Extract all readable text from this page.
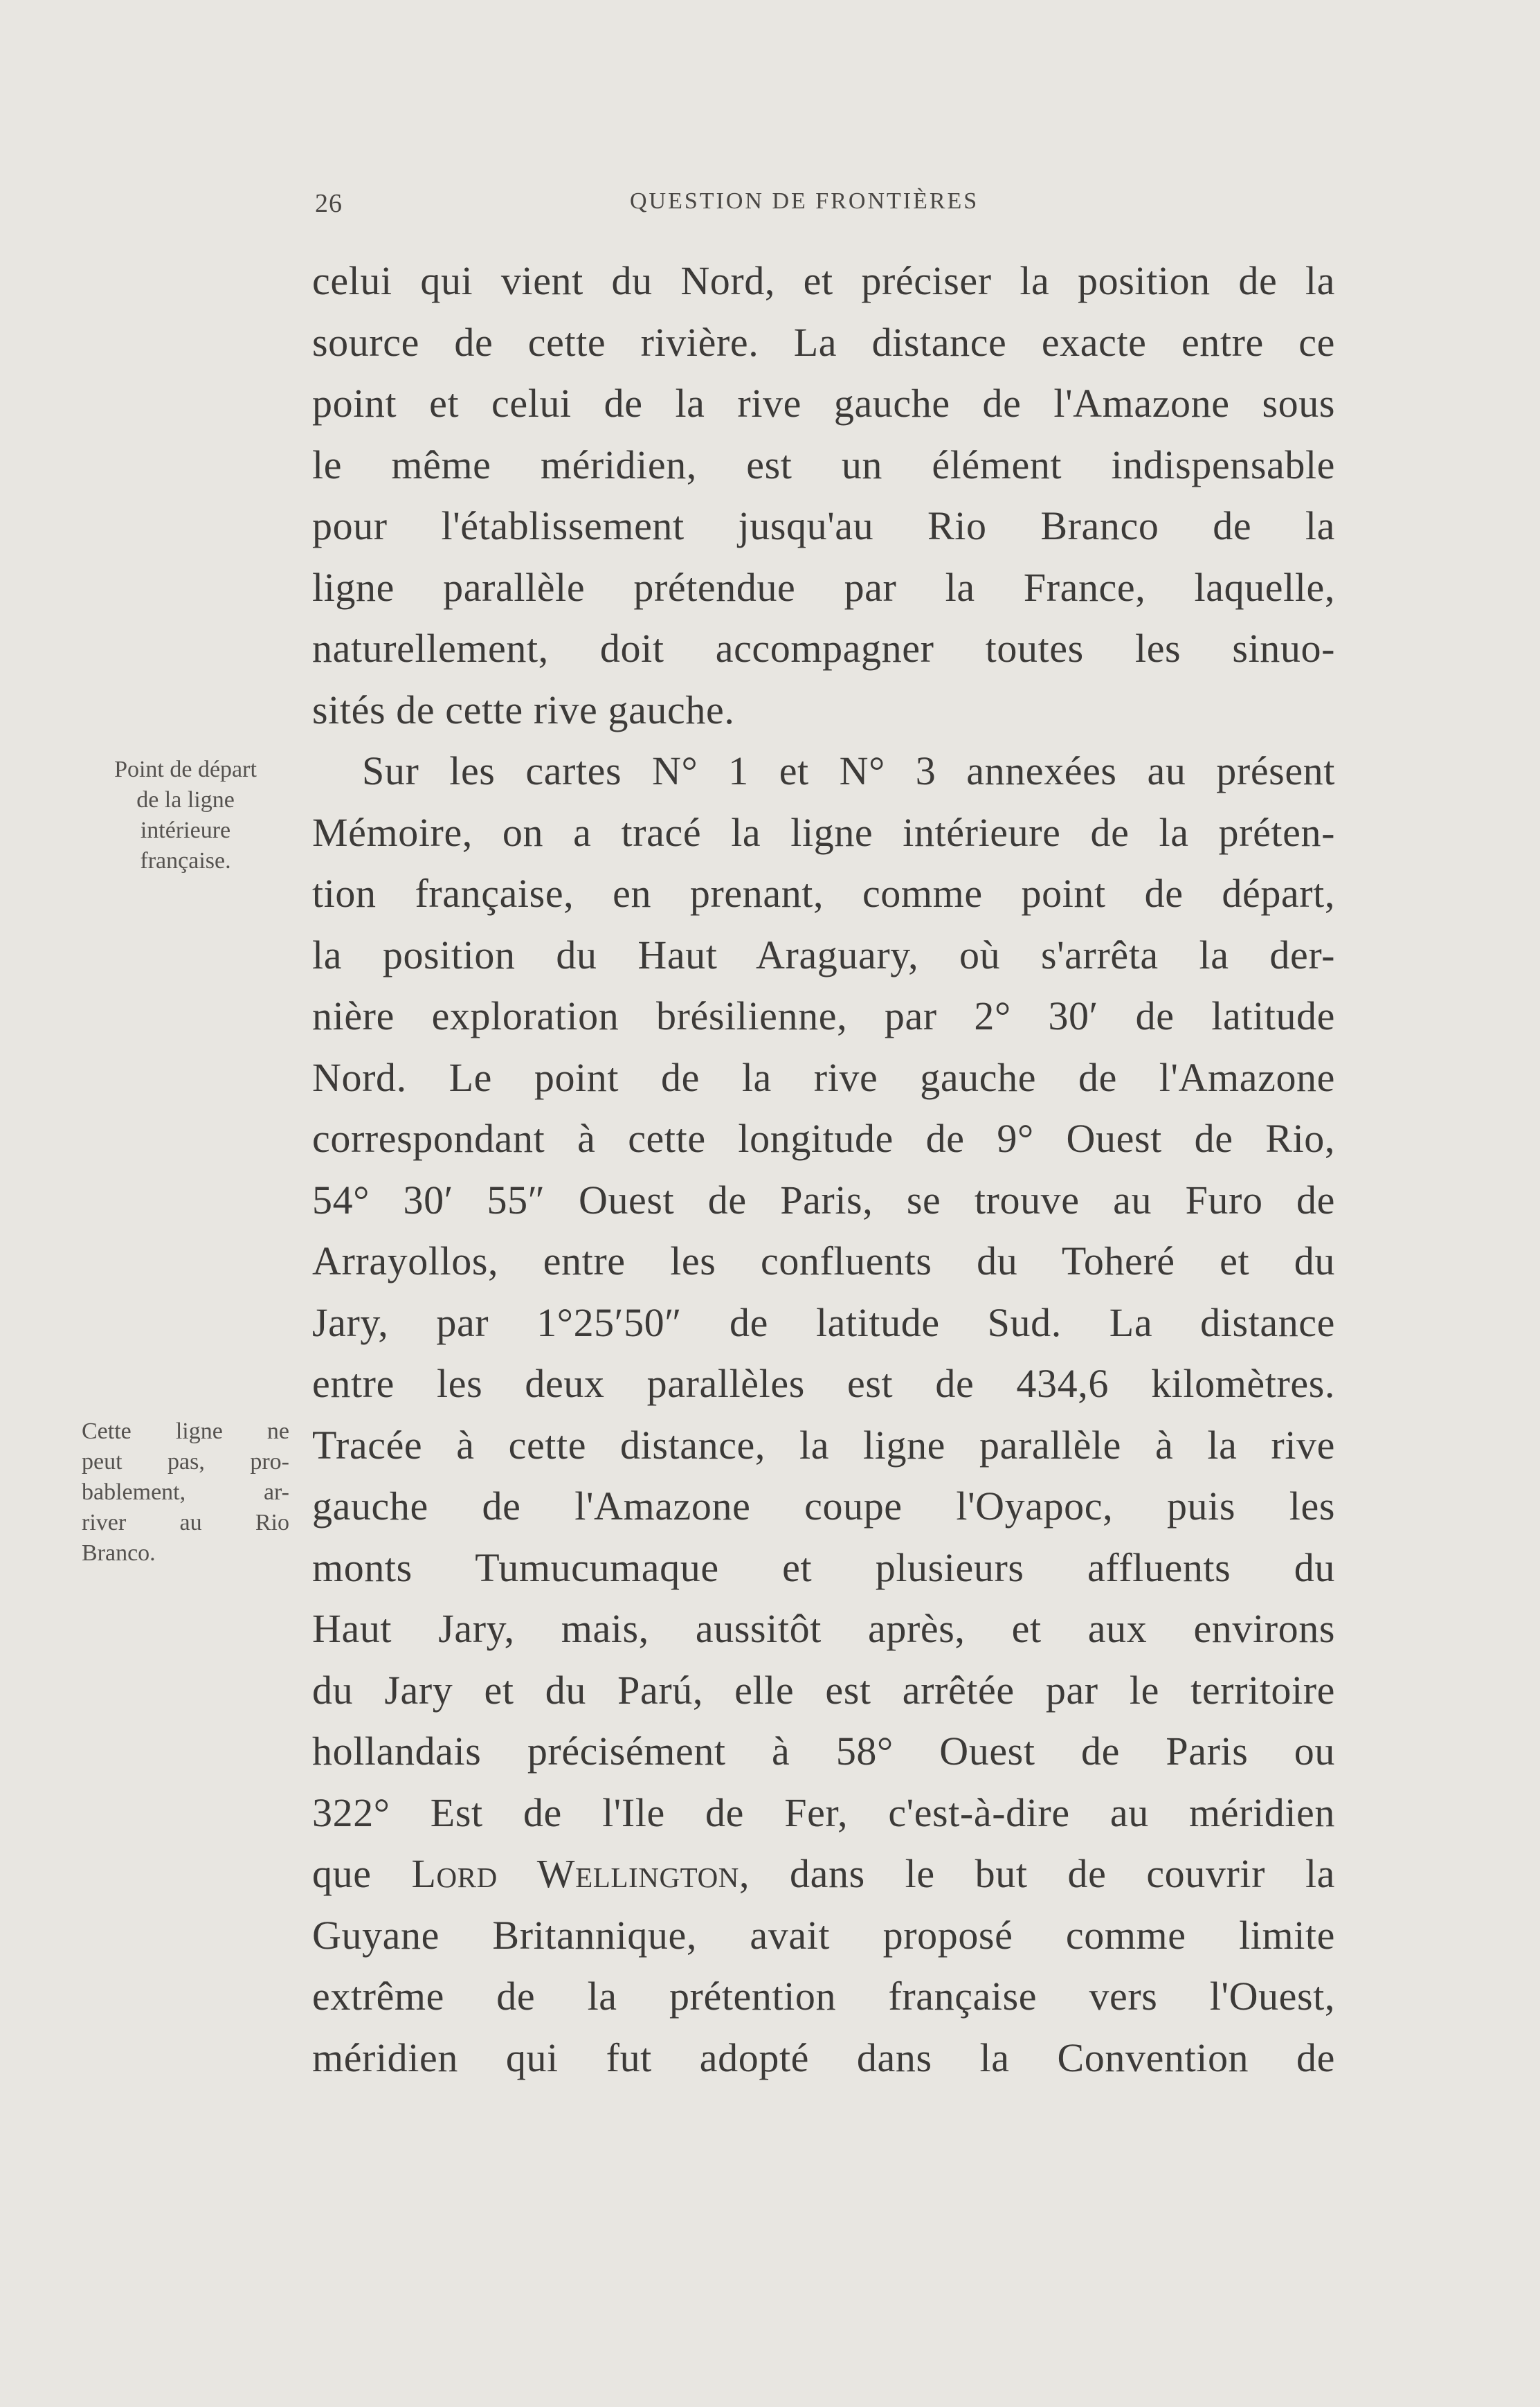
26	QUESTION DE FRONTIÈRES
Point de départ
de la ligne
intérieure
française.
Cette ligne ne
peut pas, pro-
bablement, ar-
river au Rio
Branco.
celui qui vient du Nord, et préciser la position de la
source de cette rivière. La distance exacte entre ce
point et celui de la rive gauche de l'Amazone sous
le même méridien, est un élément indispensable
pour l'établissement jusqu'au Rio Branco de la
ligne parallèle prétendue par la France, laquelle,
naturellement, doit accompagner toutes les sinuo-
sités de cette rive gauche.
Sur les cartes N° 1 et N° 3 annexées au présent
Mémoire, on a tracé la ligne intérieure de la préten-
tion française, en prenant, comme point de départ,
la position du Haut Araguary, où s'arrêta la der-
nière exploration brésilienne, par 2° 30′ de latitude
Nord. Le point de la rive gauche de l'Amazone
correspondant à cette longitude de 9° Ouest de Rio,
54° 30′ 55″ Ouest de Paris, se trouve au Furo de
Arrayollos, entre les confluents du Toheré et du
Jary, par 1°25′50″ de latitude Sud. La distance
entre les deux parallèles est de 434,6 kilomètres.
Tracée à cette distance, la ligne parallèle à la rive
gauche de l'Amazone coupe l'Oyapoc, puis les
monts Tumucumaque et plusieurs affluents du
Haut Jary, mais, aussitôt après, et aux environs
du Jary et du Parú, elle est arrêtée par le territoire
hollandais précisément à 58° Ouest de Paris ou
322° Est de l'Ile de Fer, c'est-à-dire au méridien
que Lord Wellington, dans le but de couvrir la
Guyane Britannique, avait proposé comme limite
extrême de la prétention française vers l'Ouest,
méridien qui fut adopté dans la Convention de
